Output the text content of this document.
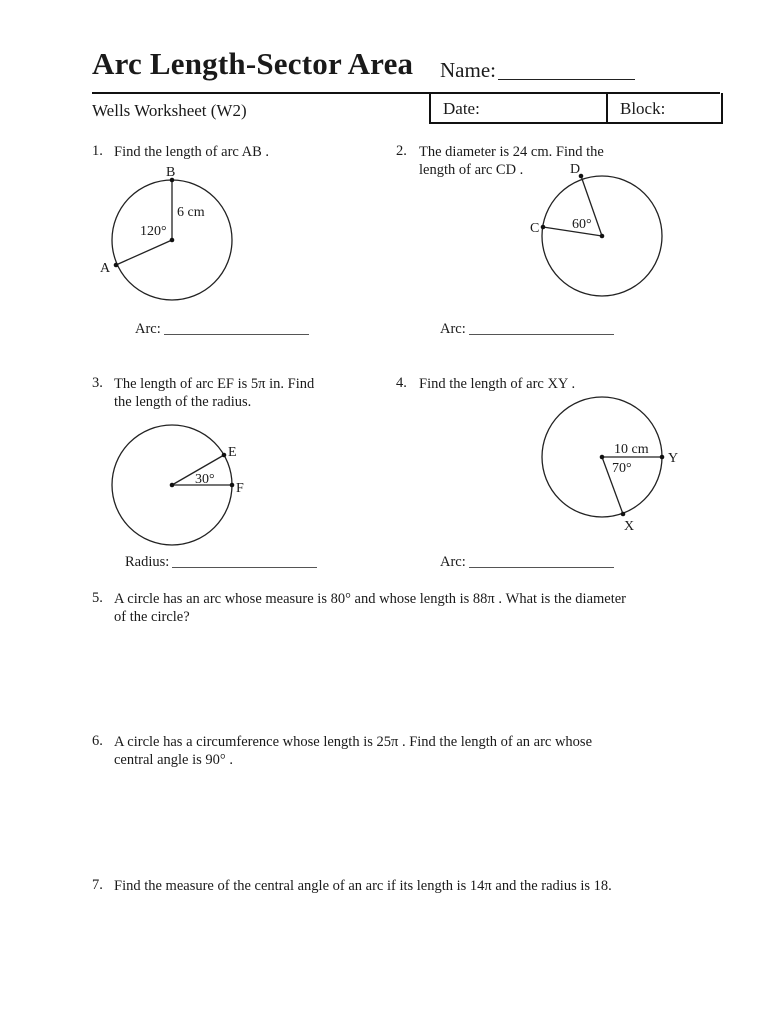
Arc Length-Sector Area Name:
Wells Worksheet (W2)	Date:	Block:
1. Find the length of arc AB .
B
A
6 cm
120°
Arc:
2. The diameter is 24 cm. Find the
length of arc CD .	D
C 60°
Arc:
3. The length of arc EF is 5π in. Find
the length of the radius.
E
F
30°
Radius:
4. Find the length of arc XY .
Y
X
10 cm
70°
Arc:
5. A circle has an arc whose measure is 80° and whose length is 88π . What is the diameter
of the circle?
6. A circle has a circumference whose length is 25π . Find the length of an arc whose
central angle is 90° .
7. Find the measure of the central angle of an arc if its length is 14π and the radius is 18.
